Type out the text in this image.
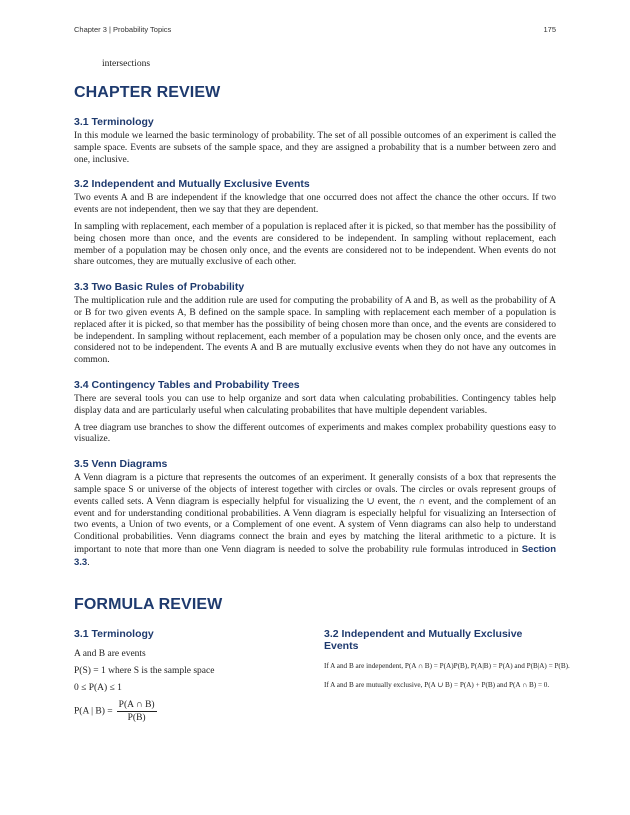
Chapter 3 | Probability Topics	175
intersections
CHAPTER REVIEW
3.1 Terminology

In this module we learned the basic terminology of probability. The set of all possible outcomes of an experiment is called the sample space. Events are subsets of the sample space, and they are assigned a probability that is a number between zero and one, inclusive.

3.2 Independent and Mutually Exclusive Events

Two events A and B are independent if the knowledge that one occurred does not affect the chance the other occurs. If two events are not independent, then we say that they are dependent.

In sampling with replacement, each member of a population is replaced after it is picked, so that member has the possibility of being chosen more than once, and the events are considered to be independent. In sampling without replacement, each member of a population may be chosen only once, and the events are considered not to be independent. When events do not share outcomes, they are mutually exclusive of each other.

3.3 Two Basic Rules of Probability

The multiplication rule and the addition rule are used for computing the probability of A and B, as well as the probability of A or B for two given events A, B defined on the sample space. In sampling with replacement each member of a population is replaced after it is picked, so that member has the possibility of being chosen more than once, and the events are considered to be independent. In sampling without replacement, each member of a population may be chosen only once, and the events are considered not to be independent. The events A and B are mutually exclusive events when they do not have any outcomes in common.

3.4 Contingency Tables and Probability Trees

There are several tools you can use to help organize and sort data when calculating probabilities. Contingency tables help display data and are particularly useful when calculating probabilites that have multiple dependent variables.

A tree diagram use branches to show the different outcomes of experiments and makes complex probability questions easy to visualize.

3.5 Venn Diagrams

A Venn diagram is a picture that represents the outcomes of an experiment. It generally consists of a box that represents the sample space S or universe of the objects of interest together with circles or ovals. The circles or ovals represent groups of events called sets. A Venn diagram is especially helpful for visualizing the ∪ event, the ∩ event, and the complement of an event and for understanding conditional probabilities. A Venn diagram is especially helpful for visualizing an Intersection of two events, a Union of two events, or a Complement of one event. A system of Venn diagrams can also help to understand Conditional probabilities. Venn diagrams connect the brain and eyes by matching the literal arithmetic to a picture. It is important to note that more than one Venn diagram is needed to solve the probability rule formulas introduced in Section 3.3.

FORMULA REVIEW
3.1 Terminology
A and B are events
P(S) = 1 where S is the sample space
0 ≤ P(A) ≤ 1
P(A | $B) = \frac{P(A \cap B)}{P(B)}$
3.2 Independent and Mutually Exclusive Events
If A and B are independent, P(A ∩ B) = P(A)P(B), P(A|B) = P(A) and P(B|A) = P(B).
If A and B are mutually exclusive, P(A ∪ B) = P(A) + P(B) and P(A ∩ B) = 0.
